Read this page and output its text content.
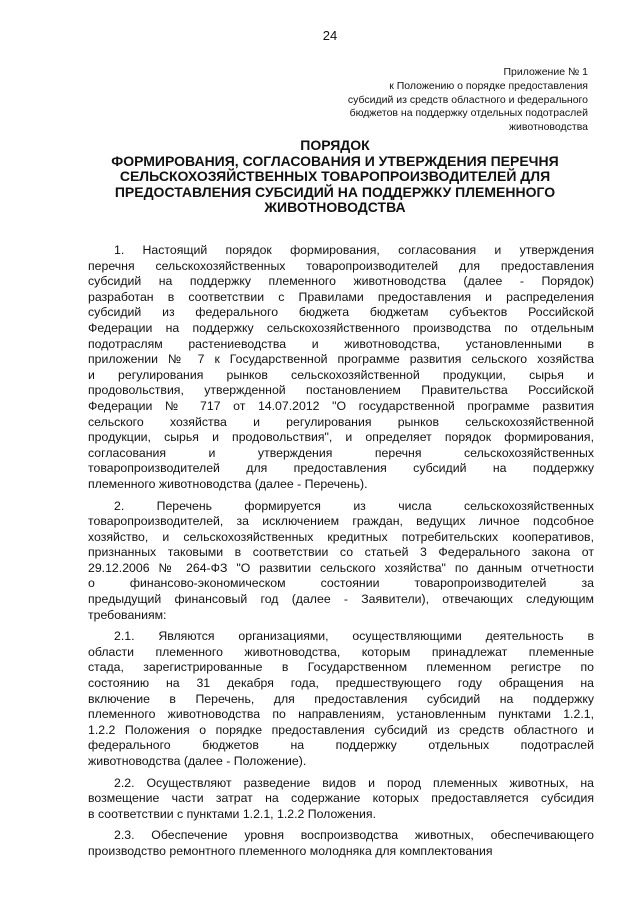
24
Приложение № 1
к Положению о порядке предоставления
субсидий из средств областного и федерального
бюджетов на поддержку отдельных подотраслей
животноводства
ПОРЯДОК
ФОРМИРОВАНИЯ, СОГЛАСОВАНИЯ И УТВЕРЖДЕНИЯ ПЕРЕЧНЯ
СЕЛЬСКОХОЗЯЙСТВЕННЫХ ТОВАРОПРОИЗВОДИТЕЛЕЙ ДЛЯ
ПРЕДОСТАВЛЕНИЯ СУБСИДИЙ НА ПОДДЕРЖКУ ПЛЕМЕННОГО
ЖИВОТНОВОДСТВА
1. Настоящий порядок формирования, согласования и утверждения
перечня сельскохозяйственных товаропроизводителей для предоставления
субсидий на поддержку племенного животноводства (далее - Порядок)
разработан в соответствии с Правилами предоставления и распределения
субсидий из федерального бюджета бюджетам субъектов Российской
Федерации на поддержку сельскохозяйственного производства по отдельным
подотраслям растениеводства и животноводства, установленными в
приложении № 7 к Государственной программе развития сельского хозяйства
и регулирования рынков сельскохозяйственной продукции, сырья и
продовольствия, утвержденной постановлением Правительства Российской
Федерации № 717 от 14.07.2012 "О государственной программе развития
сельского хозяйства и регулирования рынков сельскохозяйственной
продукции, сырья и продовольствия", и определяет порядок формирования,
согласования и утверждения перечня сельскохозяйственных
товаропроизводителей для предоставления субсидий на поддержку
племенного животноводства (далее - Перечень).
2. Перечень формируется из числа сельскохозяйственных
товаропроизводителей, за исключением граждан, ведущих личное подсобное
хозяйство, и сельскохозяйственных кредитных потребительских кооперативов,
признанных таковыми в соответствии со статьей 3 Федерального закона от
29.12.2006 № 264-ФЗ "О развитии сельского хозяйства" по данным отчетности
о финансово-экономическом состоянии товаропроизводителей за
предыдущий финансовый год (далее - Заявители), отвечающих следующим
требованиям:
2.1. Являются организациями, осуществляющими деятельность в
области племенного животноводства, которым принадлежат племенные
стада, зарегистрированные в Государственном племенном регистре по
состоянию на 31 декабря года, предшествующего году обращения на
включение в Перечень, для предоставления субсидий на поддержку
племенного животноводства по направлениям, установленным пунктами 1.2.1,
1.2.2 Положения о порядке предоставления субсидий из средств областного и
федерального бюджетов на поддержку отдельных подотраслей
животноводства (далее - Положение).
2.2. Осуществляют разведение видов и пород племенных животных, на
возмещение части затрат на содержание которых предоставляется субсидия
в соответствии с пунктами 1.2.1, 1.2.2 Положения.
2.3. Обеспечение уровня воспроизводства животных, обеспечивающего
производство ремонтного племенного молодняка для комплектования
